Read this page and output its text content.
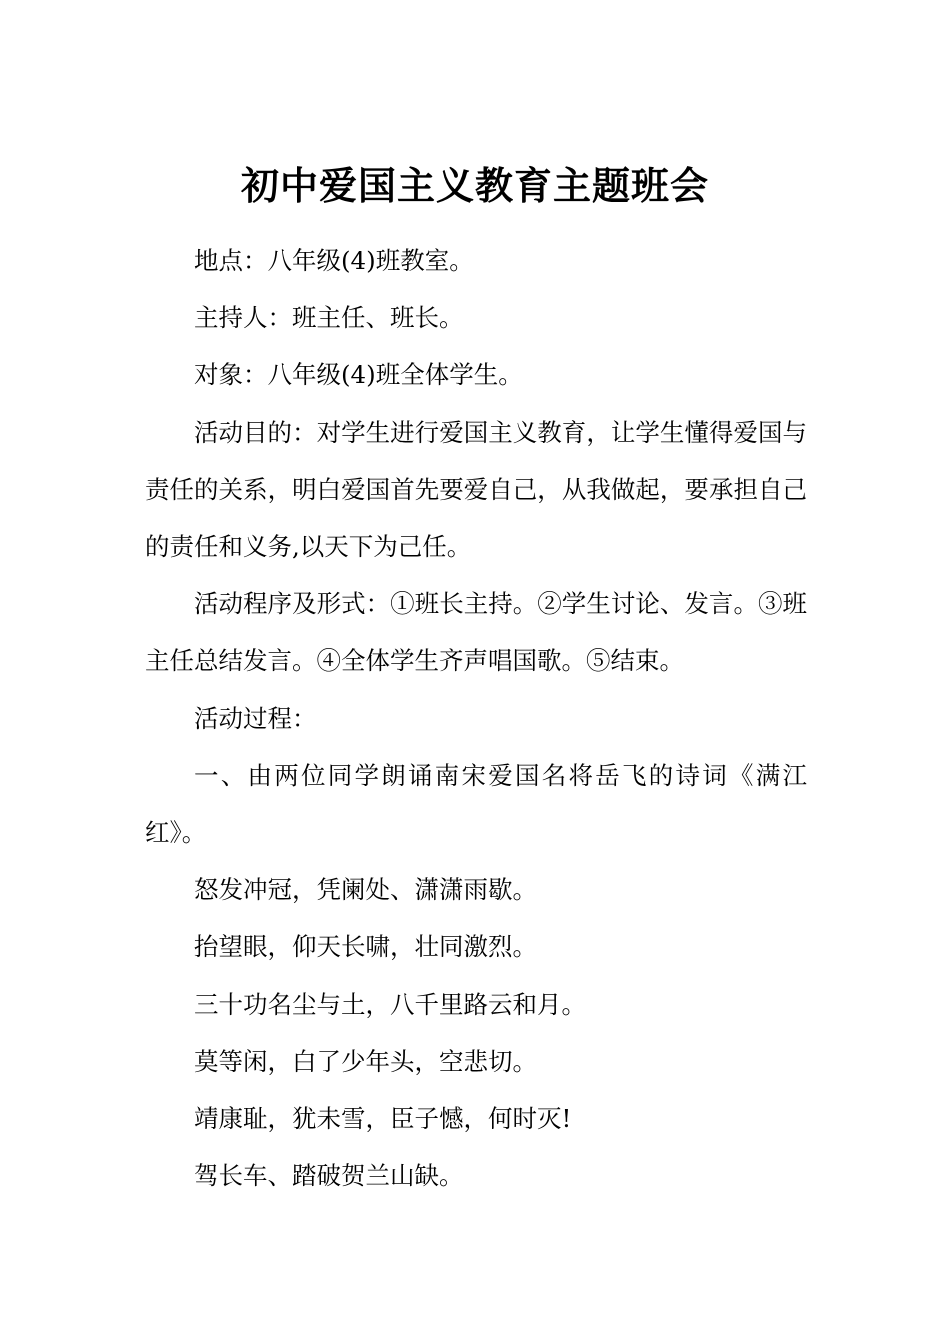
初中爱国主义教育主题班会

地点：八年级(4)班教室。

主持人：班主任、班长。

对象：八年级(4)班全体学生。

活动目的：对学生进行爱国主义教育，让学生懂得爱国与责任的关系，明白爱国首先要爱自己，从我做起，要承担自己的责任和义务,以天下为己任。

活动程序及形式：①班长主持。②学生讨论、发言。③班主任总结发言。④全体学生齐声唱国歌。⑤结束。

活动过程：

一、由两位同学朗诵南宋爱国名将岳飞的诗词《满江红》。

怒发冲冠，凭阑处、潇潇雨歇。

抬望眼，仰天长啸，壮同激烈。

三十功名尘与土，八千里路云和月。

莫等闲，白了少年头，空悲切。

靖康耻，犹未雪，臣子憾，何时灭!

驾长车、踏破贺兰山缺。
